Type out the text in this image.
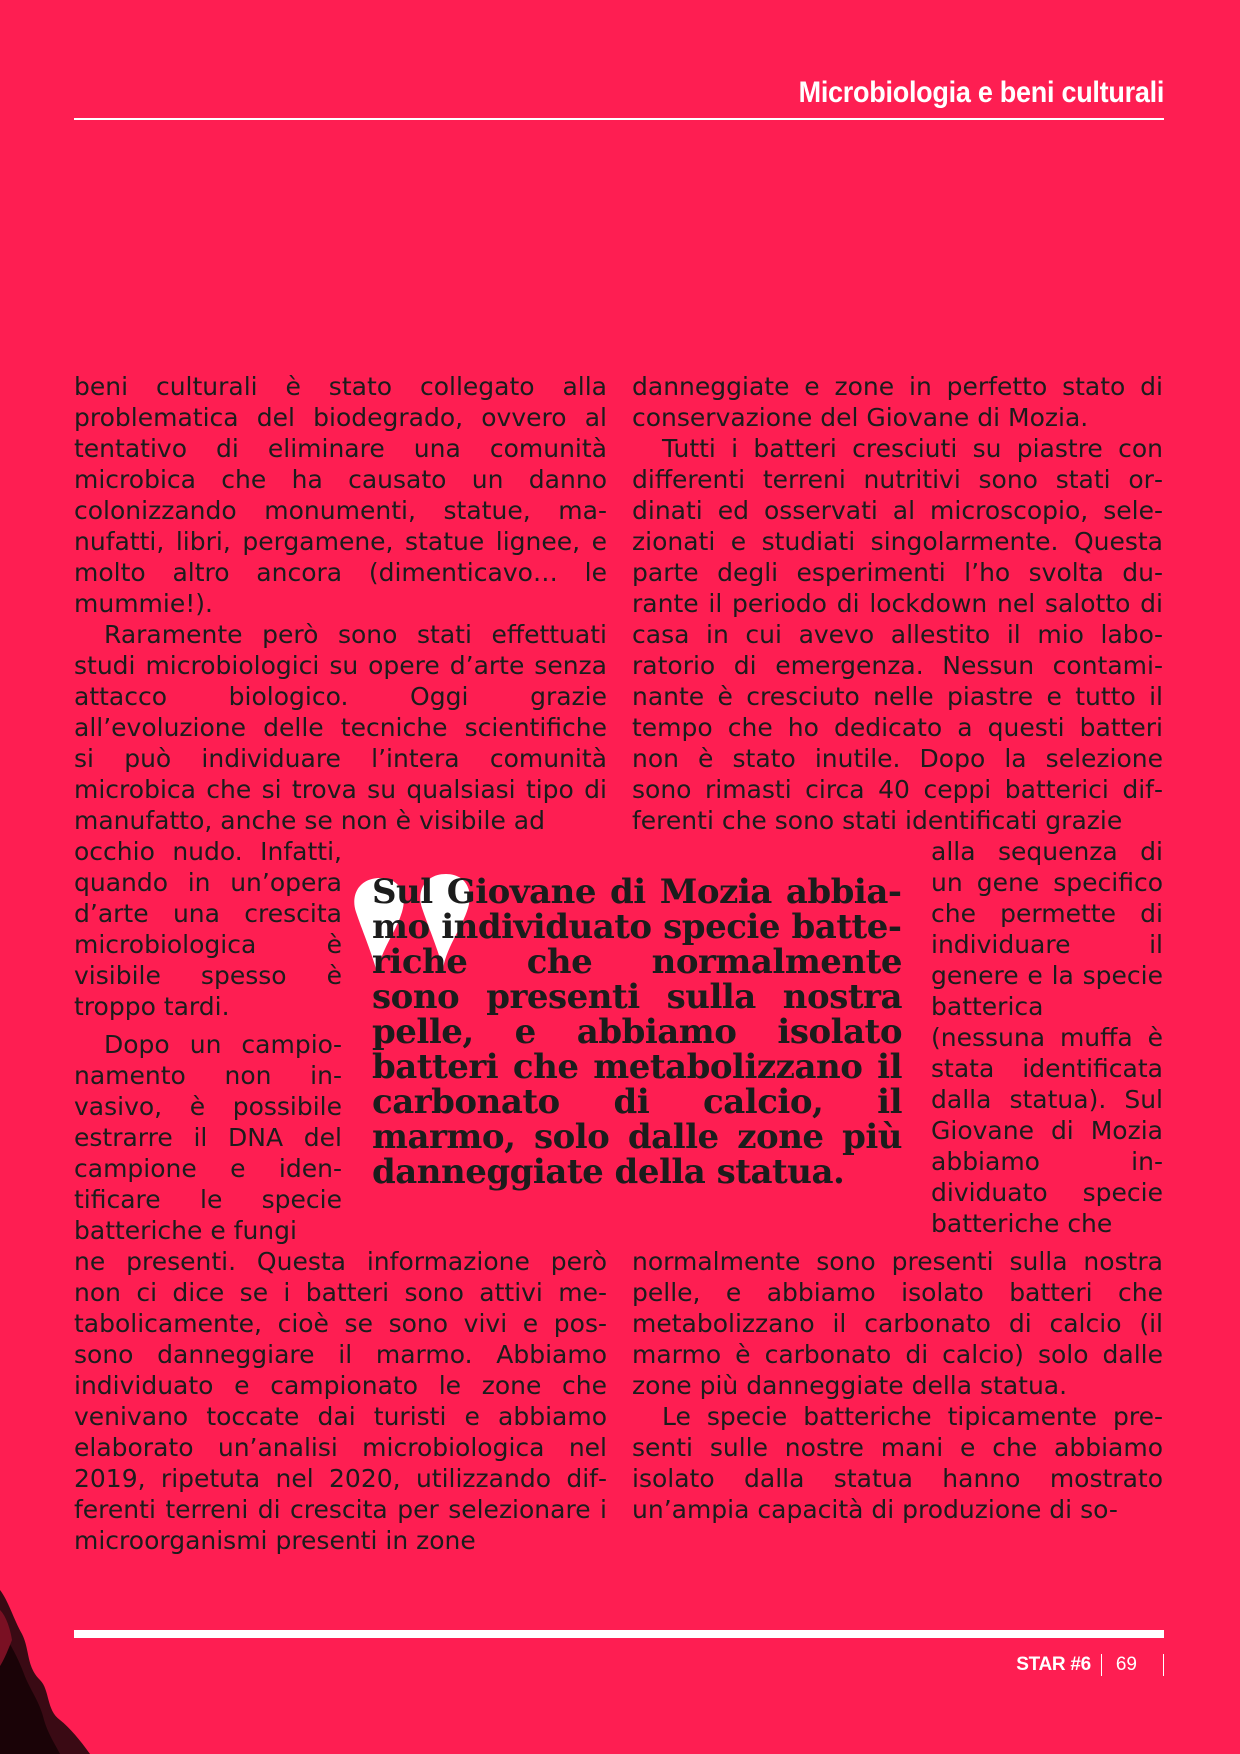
Microbiologia e beni culturali

beni culturali è stato collegato alla problematica del biodegrado, ovvero al tentativo di eliminare una comunità microbica che ha causato un danno colonizzando monumenti, statue, manufatti, libri, pergamene, statue lignee, e molto altro ancora (dimenticavo… le mummie!).

Raramente però sono stati effettuati studi microbiologici su opere d’arte senza attacco biologico. Oggi grazie all’evoluzione delle tecniche scientifiche si può individuare l’intera comunità microbica che si trova su qualsiasi tipo di manufatto, anche se non è visibile ad

occhio nudo. Infatti, quando in un’opera d’arte una crescita microbiologica è visibile spesso è troppo tardi.

Dopo un campionamento non invasivo, è possibile estrarre il DNA del campione e identificare le specie batteriche e fungi

ne presenti. Questa informazione però non ci dice se i batteri sono attivi metabolicamente, cioè se sono vivi e possono danneggiare il marmo. Abbiamo individuato e campionato le zone che venivano toccate dai turisti e abbiamo elaborato un’analisi microbiologica nel 2019, ripetuta nel 2020, utilizzando differenti terreni di crescita per selezionare i microorganismi presenti in zone

danneggiate e zone in perfetto stato di conservazione del Giovane di Mozia.

Tutti i batteri cresciuti su piastre con differenti terreni nutritivi sono stati ordinati ed osservati al microscopio, selezionati e studiati singolarmente. Questa parte degli esperimenti l’ho svolta durante il periodo di lockdown nel salotto di casa in cui avevo allestito il mio laboratorio di emergenza. Nessun contaminante è cresciuto nelle piastre e tutto il tempo che ho dedicato a questi batteri non è stato inutile. Dopo la selezione sono rimasti circa 40 ceppi batterici differenti che sono stati identificati grazie

alla sequenza di un gene specifico che permette di individuare il genere e la specie batterica (nessuna muffa è stata identificata dalla statua). Sul Giovane di Mozia abbiamo individuato specie batteriche che

normalmente sono presenti sulla nostra pelle, e abbiamo isolato batteri che metabolizzano il carbonato di calcio (il marmo è carbonato di calcio) solo dalle zone più danneggiate della statua.

Le specie batteriche tipicamente presenti sulle nostre mani e che abbiamo isolato dalla statua hanno mostrato un’ampia capacità di produzione di so-

Sul Giovane di Mozia abbiamo individuato specie batteriche che normalmente sono presenti sulla nostra pelle, e abbiamo isolato batteri che metabolizzano il carbonato di calcio, il marmo, solo dalle zone più danneggiate della statua.

STAR #6 69
